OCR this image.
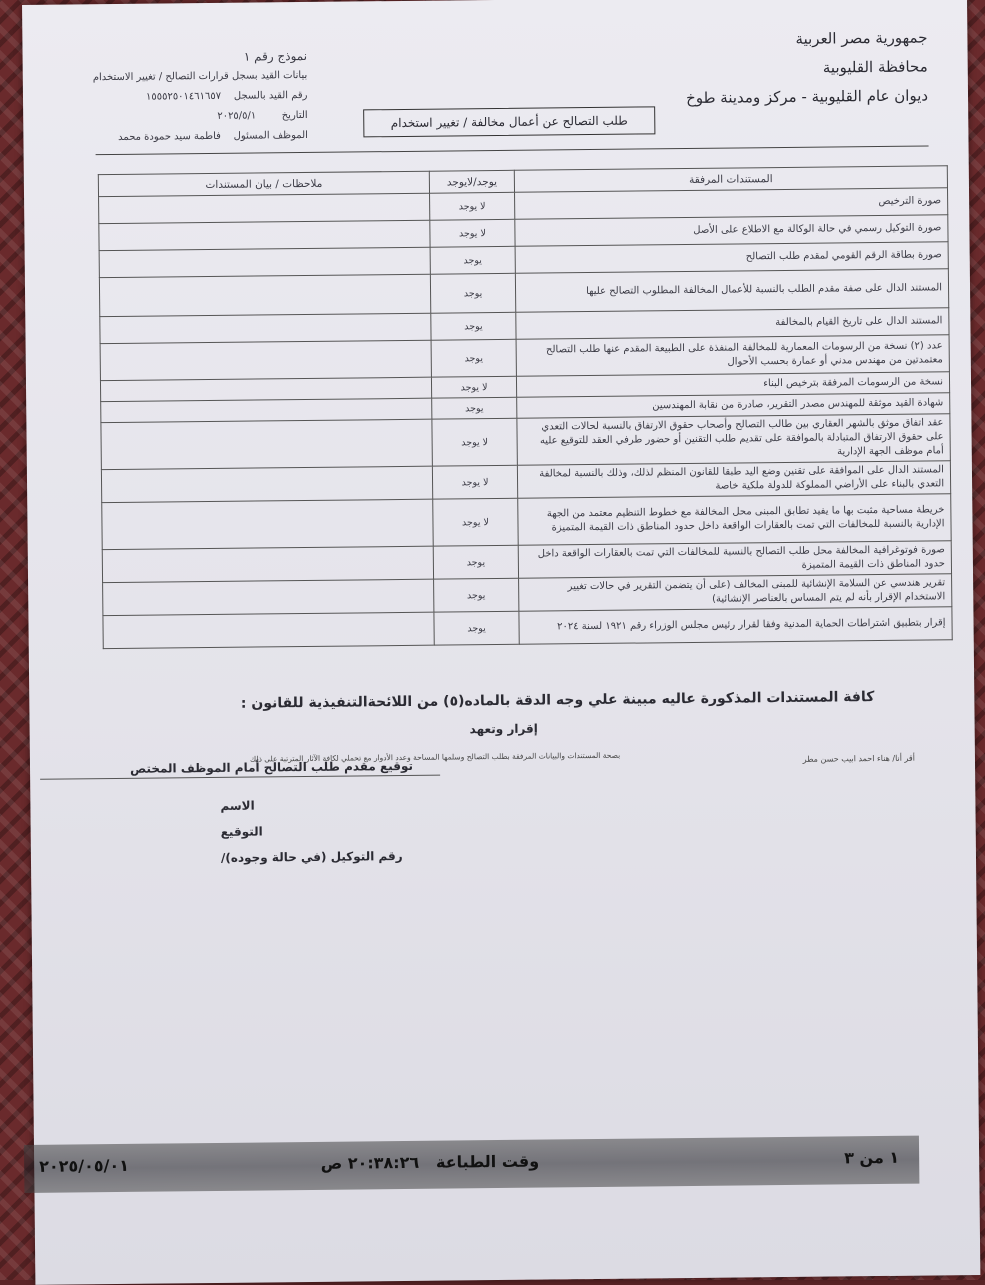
جمهورية مصر العربية
محافظة القليوبية
ديوان عام القليوبية - مركز ومدينة طوخ
نموذج رقم ١
بيانات القيد بسجل قرارات التصالح / تغيير الاستخدام
رقم القيد بالسجل    ١٥٥٥٢٥٠١٤٦١٦٥٧
التاريخ        ٢٠٢٥/٥/١
الموظف المسئول    فاطمة سيد حمودة محمد
طلب التصالح عن أعمال مخالفة / تغيير استخدام
المستندات المرفقة	يوجد/لايوجد	ملاحظات / بيان المستندات
صورة الترخيص	لا يوجد	
صورة التوكيل رسمي في حالة الوكالة مع الاطلاع على الأصل	لا يوجد	
صورة بطاقة الرقم القومي لمقدم طلب التصالح	يوجد	
المستند الدال على صفة مقدم الطلب بالنسبة للأعمال المخالفة المطلوب التصالح عليها	يوجد	
المستند الدال على تاريخ القيام بالمخالفة	يوجد	
عدد (٢) نسخة من الرسومات المعمارية للمخالفة المنفذة على الطبيعة المقدم عنها طلب التصالح معتمدتين من مهندس مدني أو عمارة بحسب الأحوال	يوجد	
نسخة من الرسومات المرفقة بترخيص البناء	لا يوجد	
شهادة القيد موثقة للمهندس مصدر التقرير، صادرة من نقابة المهندسين	يوجد	
عقد اتفاق موثق بالشهر العقاري بين طالب التصالح وأصحاب حقوق الارتفاق بالنسبة لحالات التعدي على حقوق الارتفاق المتبادلة بالموافقة على تقديم طلب التقنين أو حضور طرفي العقد للتوقيع عليه أمام موظف الجهة الإدارية	لا يوجد	
المستند الدال على الموافقة على تقنين وضع اليد طبقا للقانون المنظم لذلك، وذلك بالنسبة لمخالفة التعدي بالبناء على الأراضي المملوكة للدولة ملكية خاصة	لا يوجد	
خريطة مساحية مثبت بها ما يفيد تطابق المبنى محل المخالفة مع خطوط التنظيم معتمد من الجهة الإدارية بالنسبة للمخالفات التي تمت بالعقارات الواقعة داخل حدود المناطق ذات القيمة المتميزة	لا يوجد	
صورة فوتوغرافية المخالفة محل طلب التصالح بالنسبة للمخالفات التي تمت بالعقارات الواقعة داخل حدود المناطق ذات القيمة المتميزة	يوجد	
تقرير هندسي عن السلامة الإنشائية للمبنى المخالف (على أن يتضمن التقرير في حالات تغيير الاستخدام الإقرار بأنه لم يتم المساس بالعناصر الإنشائية)	يوجد	
إقرار بتطبيق اشتراطات الحماية المدنية وفقا لقرار رئيس مجلس الوزراء رقم ١٩٢١ لسنة ٢٠٢٤	يوجد	
كافة المستندات المذكورة عاليه مبينة علي وجه الدقة بالماده(٥) من اللائحةالتنفيذية للقانون :
إقرار وتعهد
أقر أنا/ هناء احمد ابيب حسن مطر
بصحة المستندات والبيانات المرفقة بطلب التصالح وسلمها المساحة وعدد الأدوار مع تحملي لكافة الآثار المترتبة على ذلك
توقيع مقدم طلب التصالح أمام الموظف المختص
الاسم
التوقيع
رقم التوكيل (في حالة وجوده)/
١ من ٣
وقت الطباعة
٢٠:٣٨:٢٦ ص
٢٠٢٥/٠٥/٠١
